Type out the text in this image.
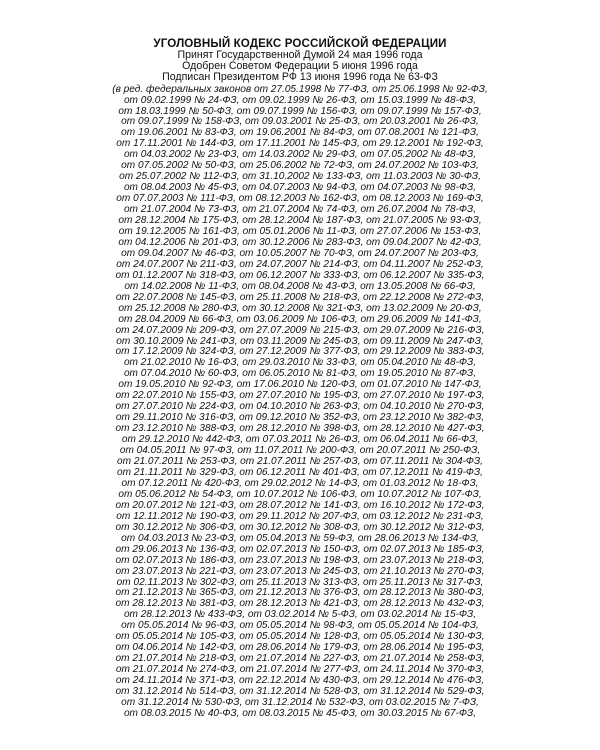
УГОЛОВНЫЙ КОДЕКС РОССИЙСКОЙ ФЕДЕРАЦИИ

Принят Государственной Думой 24 мая 1996 года

Одобрен Советом Федерации 5 июня 1996 года

Подписан Президентом РФ 13 июня 1996 года № 63-ФЗ

(в ред. федеральных законов от 27.05.1998 № 77-ФЗ, от 25.06.1998 № 92-ФЗ,

от 09.02.1999 № 24-ФЗ, от 09.02.1999 № 26-ФЗ, от 15.03.1999 № 48-ФЗ,

от 18.03.1999 № 50-ФЗ, от 09.07.1999 № 156-ФЗ, от 09.07.1999 № 157-ФЗ,

от 09.07.1999 № 158-ФЗ, от 09.03.2001 № 25-ФЗ, от 20.03.2001 № 26-ФЗ,

от 19.06.2001 № 83-ФЗ, от 19.06.2001 № 84-ФЗ, от 07.08.2001 № 121-ФЗ,

от 17.11.2001 № 144-ФЗ, от 17.11.2001 № 145-ФЗ, от 29.12.2001 № 192-ФЗ,

от 04.03.2002 № 23-ФЗ, от 14.03.2002 № 29-ФЗ, от 07.05.2002 № 48-ФЗ,

от 07.05.2002 № 50-ФЗ, от 25.06.2002 № 72-ФЗ, от 24.07.2002 № 103-ФЗ,

от 25.07.2002 № 112-ФЗ, от 31.10.2002 № 133-ФЗ, от 11.03.2003 № 30-ФЗ,

от 08.04.2003 № 45-ФЗ, от 04.07.2003 № 94-ФЗ, от 04.07.2003 № 98-ФЗ,

от 07.07.2003 № 111-ФЗ, от 08.12.2003 № 162-ФЗ, от 08.12.2003 № 169-ФЗ,

от 21.07.2004 № 73-ФЗ, от 21.07.2004 № 74-ФЗ, от 26.07.2004 № 78-ФЗ,

от 28.12.2004 № 175-ФЗ, от 28.12.2004 № 187-ФЗ, от 21.07.2005 № 93-ФЗ,

от 19.12.2005 № 161-ФЗ, от 05.01.2006 № 11-ФЗ, от 27.07.2006 № 153-ФЗ,

от 04.12.2006 № 201-ФЗ, от 30.12.2006 № 283-ФЗ, от 09.04.2007 № 42-ФЗ,

от 09.04.2007 № 46-ФЗ, от 10.05.2007 № 70-ФЗ, от 24.07.2007 № 203-ФЗ,

от 24.07.2007 № 211-ФЗ, от 24.07.2007 № 214-ФЗ, от 04.11.2007 № 252-ФЗ,

от 01.12.2007 № 318-ФЗ, от 06.12.2007 № 333-ФЗ, от 06.12.2007 № 335-ФЗ,

от 14.02.2008 № 11-ФЗ, от 08.04.2008 № 43-ФЗ, от 13.05.2008 № 66-ФЗ,

от 22.07.2008 № 145-ФЗ, от 25.11.2008 № 218-ФЗ, от 22.12.2008 № 272-ФЗ,

от 25.12.2008 № 280-ФЗ, от 30.12.2008 № 321-ФЗ, от 13.02.2009 № 20-ФЗ,

от 28.04.2009 № 66-ФЗ, от 03.06.2009 № 106-ФЗ, от 29.06.2009 № 141-ФЗ,

от 24.07.2009 № 209-ФЗ, от 27.07.2009 № 215-ФЗ, от 29.07.2009 № 216-ФЗ,

от 30.10.2009 № 241-ФЗ, от 03.11.2009 № 245-ФЗ, от 09.11.2009 № 247-ФЗ,

от 17.12.2009 № 324-ФЗ, от 27.12.2009 № 377-ФЗ, от 29.12.2009 № 383-ФЗ,

от 21.02.2010 № 16-ФЗ, от 29.03.2010 № 33-ФЗ, от 05.04.2010 № 48-ФЗ,

от 07.04.2010 № 60-ФЗ, от 06.05.2010 № 81-ФЗ, от 19.05.2010 № 87-ФЗ,

от 19.05.2010 № 92-ФЗ, от 17.06.2010 № 120-ФЗ, от 01.07.2010 № 147-ФЗ,

от 22.07.2010 № 155-ФЗ, от 27.07.2010 № 195-ФЗ, от 27.07.2010 № 197-ФЗ,

от 27.07.2010 № 224-ФЗ, от 04.10.2010 № 263-ФЗ, от 04.10.2010 № 270-ФЗ,

от 29.11.2010 № 316-ФЗ, от 09.12.2010 № 352-ФЗ, от 23.12.2010 № 382-ФЗ,

от 23.12.2010 № 388-ФЗ, от 28.12.2010 № 398-ФЗ, от 28.12.2010 № 427-ФЗ,

от 29.12.2010 № 442-ФЗ, от 07.03.2011 № 26-ФЗ, от 06.04.2011 № 66-ФЗ,

от 04.05.2011 № 97-ФЗ, от 11.07.2011 № 200-ФЗ, от 20.07.2011 № 250-ФЗ,

от 21.07.2011 № 253-ФЗ, от 21.07.2011 № 257-ФЗ, от 07.11.2011 № 304-ФЗ,

от 21.11.2011 № 329-ФЗ, от 06.12.2011 № 401-ФЗ, от 07.12.2011 № 419-ФЗ,

от 07.12.2011 № 420-ФЗ, от 29.02.2012 № 14-ФЗ, от 01.03.2012 № 18-ФЗ,

от 05.06.2012 № 54-ФЗ, от 10.07.2012 № 106-ФЗ, от 10.07.2012 № 107-ФЗ,

от 20.07.2012 № 121-ФЗ, от 28.07.2012 № 141-ФЗ, от 16.10.2012 № 172-ФЗ,

от 12.11.2012 № 190-ФЗ, от 29.11.2012 № 207-ФЗ, от 03.12.2012 № 231-ФЗ,

от 30.12.2012 № 306-ФЗ, от 30.12.2012 № 308-ФЗ, от 30.12.2012 № 312-ФЗ,

от 04.03.2013 № 23-ФЗ, от 05.04.2013 № 59-ФЗ, от 28.06.2013 № 134-ФЗ,

от 29.06.2013 № 136-ФЗ, от 02.07.2013 № 150-ФЗ, от 02.07.2013 № 185-ФЗ,

от 02.07.2013 № 186-ФЗ, от 23.07.2013 № 198-ФЗ, от 23.07.2013 № 218-ФЗ,

от 23.07.2013 № 221-ФЗ, от 23.07.2013 № 245-ФЗ, от 21.10.2013 № 270-ФЗ,

от 02.11.2013 № 302-ФЗ, от 25.11.2013 № 313-ФЗ, от 25.11.2013 № 317-ФЗ,

от 21.12.2013 № 365-ФЗ, от 21.12.2013 № 376-ФЗ, от 28.12.2013 № 380-ФЗ,

от 28.12.2013 № 381-ФЗ, от 28.12.2013 № 421-ФЗ, от 28.12.2013 № 432-ФЗ,

от 28.12.2013 № 433-ФЗ, от 03.02.2014 № 5-ФЗ, от 03.02.2014 № 15-ФЗ,

от 05.05.2014 № 96-ФЗ, от 05.05.2014 № 98-ФЗ, от 05.05.2014 № 104-ФЗ,

от 05.05.2014 № 105-ФЗ, от 05.05.2014 № 128-ФЗ, от 05.05.2014 № 130-ФЗ,

от 04.06.2014 № 142-ФЗ, от 28.06.2014 № 179-ФЗ, от 28.06.2014 № 195-ФЗ,

от 21.07.2014 № 218-ФЗ, от 21.07.2014 № 227-ФЗ, от 21.07.2014 № 258-ФЗ,

от 21.07.2014 № 274-ФЗ, от 21.07.2014 № 277-ФЗ, от 24.11.2014 № 370-ФЗ,

от 24.11.2014 № 371-ФЗ, от 22.12.2014 № 430-ФЗ, от 29.12.2014 № 476-ФЗ,

от 31.12.2014 № 514-ФЗ, от 31.12.2014 № 528-ФЗ, от 31.12.2014 № 529-ФЗ,

от 31.12.2014 № 530-ФЗ, от 31.12.2014 № 532-ФЗ, от 03.02.2015 № 7-ФЗ,

от 08.03.2015 № 40-ФЗ, от 08.03.2015 № 45-ФЗ, от 30.03.2015 № 67-ФЗ,
